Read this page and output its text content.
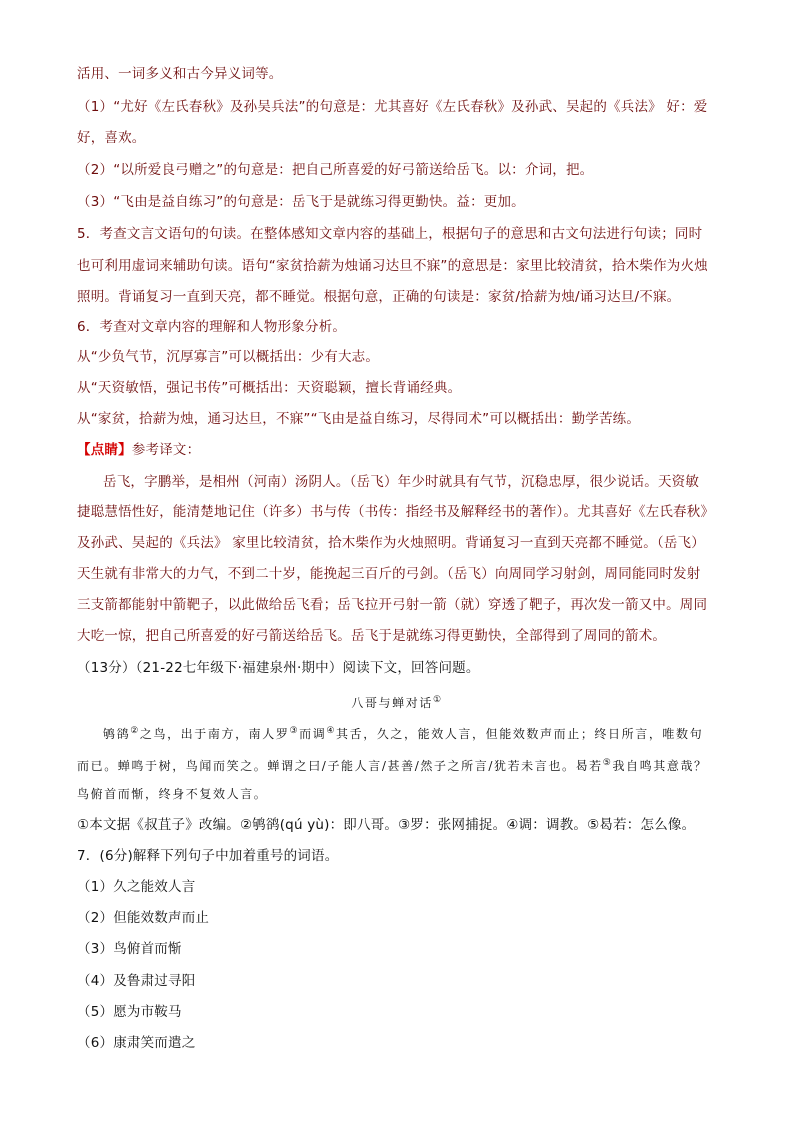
活用、一词多义和古今异义词等。
（1）“尤好《左氏春秋》及孙吴兵法”的句意是：尤其喜好《左氏春秋》及孙武、吴起的《兵法》 好：爱
好，喜欢。
（2）“以所爱良弓赠之”的句意是：把自己所喜爱的好弓箭送给岳飞。以：介词，把。
（3）“飞由是益自练习”的句意是：岳飞于是就练习得更勤快。益：更加。
5．考查文言文语句的句读。在整体感知文章内容的基础上，根据句子的意思和古文句法进行句读；同时
也可利用虚词来辅助句读。语句“家贫拾薪为烛诵习达旦不寐”的意思是：家里比较清贫，拾木柴作为火烛
照明。背诵复习一直到天亮，都不睡觉。根据句意，正确的句读是：家贫/拾薪为烛/诵习达旦/不寐。
6．考查对文章内容的理解和人物形象分析。
从“少负气节，沉厚寡言”可以概括出：少有大志。
从“天资敏悟，强记书传”可概括出：天资聪颖，擅长背诵经典。
从“家贫，拾薪为烛，通习达旦，不寐”“飞由是益自练习，尽得同术”可以概括出：勤学苦练。
【点睛】参考译文：
岳飞，字鹏举，是相州（河南）汤阴人。（岳飞）年少时就具有气节，沉稳忠厚，很少说话。天资敏
捷聪慧悟性好，能清楚地记住（许多）书与传（书传：指经书及解释经书的著作）。尤其喜好《左氏春秋》
及孙武、吴起的《兵法》 家里比较清贫，拾木柴作为火烛照明。背诵复习一直到天亮都不睡觉。（岳飞）
天生就有非常大的力气，不到二十岁，能挽起三百斤的弓剑。（岳飞）向周同学习射剑，周同能同时发射
三支箭都能射中箭靶子，以此做给岳飞看；岳飞拉开弓射一箭（就）穿透了靶子，再次发一箭又中。周同
大吃一惊，把自己所喜爱的好弓箭送给岳飞。岳飞于是就练习得更勤快，全部得到了周同的箭术。
（13分）（21-22七年级下·福建泉州·期中）阅读下文，回答问题。
八哥与蝉对话①
鸲鹆②之鸟，出于南方，南人罗③而调④其舌，久之，能效人言，但能效数声而止；终日所言，唯数句
而已。蝉鸣于树，鸟闻而笑之。蝉谓之曰/子能人言/甚善/然子之所言/犹若未言也。曷若⑤我自鸣其意哉？
鸟俯首而惭，终身不复效人言。
①本文据《叔苴子》改编。②鸲鹆(qú yù)：即八哥。③罗：张网捕捉。④调：调教。⑤曷若：怎么像。
7．(6分)解释下列句子中加着重号的词语。
（1）久之能效人言
（2）但能效数声而止
（3）鸟俯首而惭
（4）及鲁肃过寻阳
（5）愿为市鞍马
（6）康肃笑而遣之
